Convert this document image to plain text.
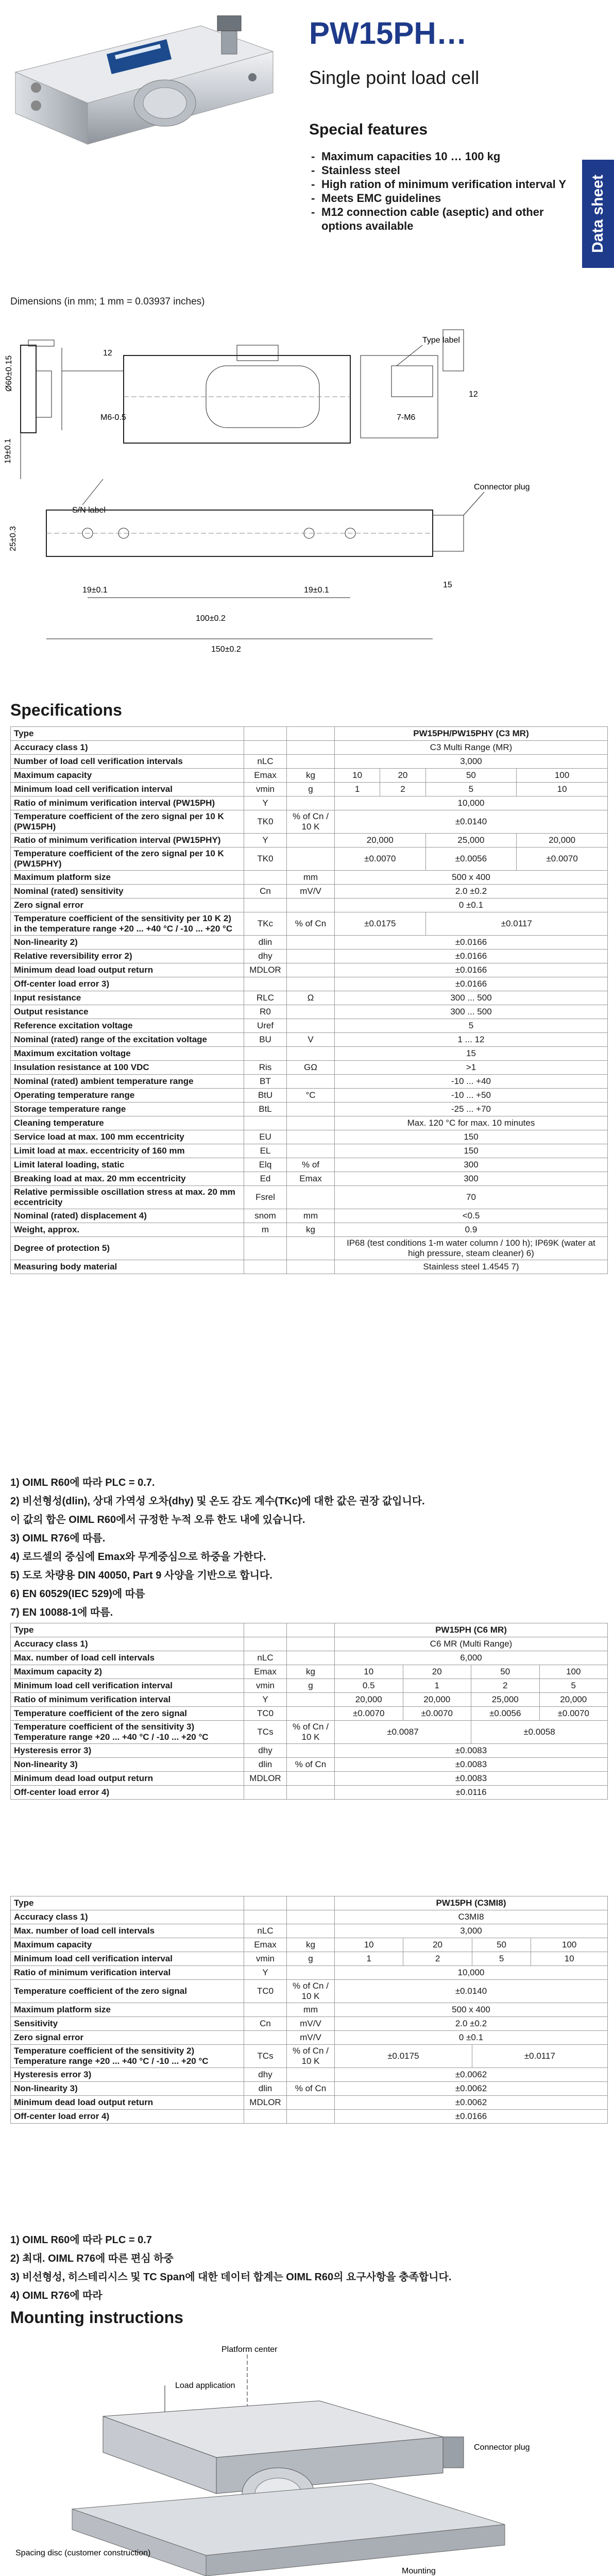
PW15PH…
Single point load cell
Special features
- Maximum capacities 10 … 100 kg
- Stainless steel
- High ration of minimum verification interval Y
- Meets EMC guidelines
- M12 connection cable (aseptic) and other options available	Data sheet
Dimensions (in mm; 1 mm = 0.03937 inches)
Ø60±0.15
19±0.1
12
M6-0.5
S/N label
Type label
12
7-M6
Connector plug
25±0.3
19±0.1	19±0.1
100±0.2
150±0.2
15
Specifications
Type			PW15PH/PW15PHY (C3 MR)			
Accuracy class 1)			C3 Multi Range (MR)			
Number of load cell verification intervals	nLC		3,000			
Maximum capacity	Emax	kg	10	20	50	100
Minimum load cell verification interval	vmin	g	1	2	5	10
Ratio of minimum verification interval (PW15PH)	Y		10,000			
Temperature coefficient of the zero signal per 10 K (PW15PH)	TK0	% of Cn / 10 K	±0.0140			
Ratio of minimum verification interval (PW15PHY)	Y		20,000		25,000	20,000
Temperature coefficient of the zero signal per 10 K (PW15PHY)	TK0		±0.0070		±0.0056	±0.0070
Maximum platform size		mm	500 x 400			
Nominal (rated) sensitivity	Cn	mV/V	2.0 ±0.2			
Zero signal error			0 ±0.1			
Temperature coefficient of the sensitivity per 10 K 2) in the temperature range +20 ... +40 °C / -10 ... +20 °C	TKc	% of Cn	±0.0175		±0.0117	
Non-linearity 2)	dlin		±0.0166			
Relative reversibility error 2)	dhy		±0.0166			
Minimum dead load output return	MDLOR		±0.0166			
Off-center load error 3)			±0.0166			
Input resistance	RLC	Ω	300 ... 500			
Output resistance	R0		300 ... 500			
Reference excitation voltage	Uref		5			
Nominal (rated) range of the excitation voltage	BU	V	1 ... 12			
Maximum excitation voltage			15			
Insulation resistance at 100 VDC	Ris	GΩ	>1			
Nominal (rated) ambient temperature range	BT		-10 ... +40			
Operating temperature range	BtU	°C	-10 ... +50			
Storage temperature range	BtL		-25 ... +70			
Cleaning temperature			Max. 120 °C for max. 10 minutes			
Service load at max. 100 mm eccentricity	EU		150			
Limit load at max. eccentricity of 160 mm	EL		150			
Limit lateral loading, static	Elq	% of	300			
Breaking load at max. 20 mm eccentricity	Ed	Emax	300			
Relative permissible oscillation stress at max. 20 mm eccentricity	Fsrel		70			
Nominal (rated) displacement 4)	snom	mm	<0.5			
Weight, approx.	m	kg	0.9			
Degree of protection 5)			IP68 (test conditions 1-m water column / 100 h); IP69K (water at high pressure, steam cleaner) 6)			
Measuring body material			Stainless steel 1.4545 7)			
1) OIML R60에 따라 PLC = 0.7.
2) 비선형성(dlin), 상대 가역성 오차(dhy) 및 온도 감도 계수(TKc)에 대한 값은 권장 값입니다.
이 값의 합은 OIML R60에서 규정한 누적 오류 한도 내에 있습니다.
3) OIML R76에 따름.
4) 로드셀의 중심에 Emax와 무게중심으로 하중을 가한다.
5) 도로 차량용 DIN 40050, Part 9 사양을 기반으로 합니다.
6) EN 60529(IEC 529)에 따름
7) EN 10088-1에 따름.
Type			PW15PH (C6 MR)			
Accuracy class 1)			C6 MR (Multi Range)			
Max. number of load cell intervals	nLC		6,000			
Maximum capacity 2)	Emax	kg	10	20	50	100
Minimum load cell verification interval	vmin	g	0.5	1	2	5
Ratio of minimum verification interval	Y		20,000	20,000	25,000	20,000
Temperature coefficient of the zero signal	TC0		±0.0070	±0.0070	±0.0056	±0.0070
Temperature coefficient of the sensitivity 3) Temperature range +20 ... +40 °C / -10 ... +20 °C	TCs	% of Cn / 10 K	±0.0087		±0.0058	
Hysteresis error 3)	dhy		±0.0083			
Non-linearity 3)	dlin	% of Cn	±0.0083			
Minimum dead load output return	MDLOR		±0.0083			
Off-center load error 4)			±0.0116			
Type			PW15PH (C3MI8)			
Accuracy class 1)			C3MI8			
Max. number of load cell intervals	nLC		3,000			
Maximum capacity	Emax	kg	10	20	50	100
Minimum load cell verification interval	vmin	g	1	2	5	10
Ratio of minimum verification interval	Y		10,000			
Temperature coefficient of the zero signal	TC0	% of Cn / 10 K	±0.0140			
Maximum platform size		mm	500 x 400			
Sensitivity	Cn	mV/V	2.0 ±0.2			
Zero signal error		mV/V	0 ±0.1			
Temperature coefficient of the sensitivity 2) Temperature range +20 ... +40 °C / -10 ... +20 °C	TCs	% of Cn / 10 K	±0.0175		±0.0117	
Hysteresis error 3)	dhy		±0.0062			
Non-linearity 3)	dlin	% of Cn	±0.0062			
Minimum dead load output return	MDLOR		±0.0062			
Off-center load error 4)			±0.0166			
1) OIML R60에 따라 PLC = 0.7
2) 최대. OIML R76에 따른 편심 하중
3) 비선형성, 히스테리시스 및 TC Span에 대한 데이터 합계는 OIML R60의 요구사항을 충족합니다.
4) OIML R76에 따라
Mounting instructions
Platform center
Load application
Connector plug
Mounting
Spacing disc (customer construction)
